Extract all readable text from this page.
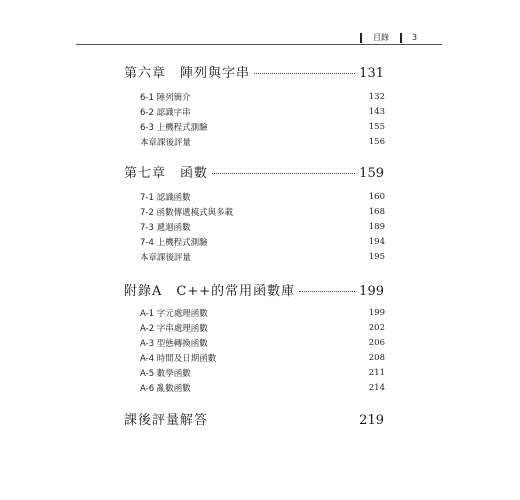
目錄	3
第六章　陣列與字串	131
6-1 陣列簡介	132
6-2 認識字串	143
6-3 上機程式測驗	155
本章課後評量	156
第七章　函數	159
7-1 認識函數	160
7-2 函數傳遞模式與多載	168
7-3 遞迴函數	189
7-4 上機程式測驗	194
本章課後評量	195
附錄A　C++的常用函數庫	199
A-1 字元處理函數	199
A-2 字串處理函數	202
A-3 型態轉換函數	206
A-4 時間及日期函數	208
A-5 數學函數	211
A-6 亂數函數	214
課後評量解答	219
